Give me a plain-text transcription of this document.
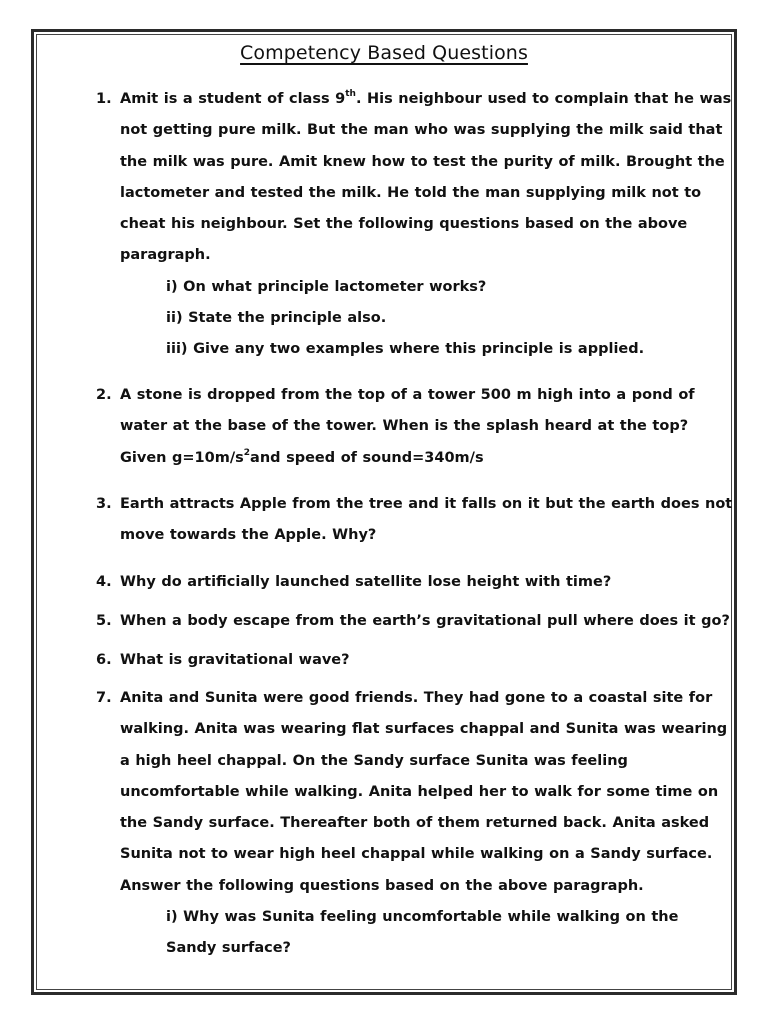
Competency Based Questions
1. Amit is a student of class 9th. His neighbour used to complain that he was
not getting pure milk. But the man who was supplying the milk said that
the milk was pure. Amit knew how to test the purity of milk. Brought the
lactometer and tested the milk. He told the man supplying milk not to
cheat his neighbour. Set the following questions based on the above
paragraph.
i) On what principle lactometer works?
ii) State the principle also.
iii) Give any two examples where this principle is applied.
2. A stone is dropped from the top of a tower 500 m high into a pond of
water at the base of the tower. When is the splash heard at the top?
Given $g=10m/s^2and$ speed of sound=340m/s
3. Earth attracts Apple from the tree and it falls on it but the earth does not
move towards the Apple. Why?
4. Why do artificially launched satellite lose height with time?
5. When a body escape from the earth’s gravitational pull where does it go?
6. What is gravitational wave?
7. Anita and Sunita were good friends. They had gone to a coastal site for
walking. Anita was wearing flat surfaces chappal and Sunita was wearing
a high heel chappal. On the Sandy surface Sunita was feeling
uncomfortable while walking. Anita helped her to walk for some time on
the Sandy surface. Thereafter both of them returned back. Anita asked
Sunita not to wear high heel chappal while walking on a Sandy surface.
Answer the following questions based on the above paragraph.
i) Why was Sunita feeling uncomfortable while walking on the
Sandy surface?
